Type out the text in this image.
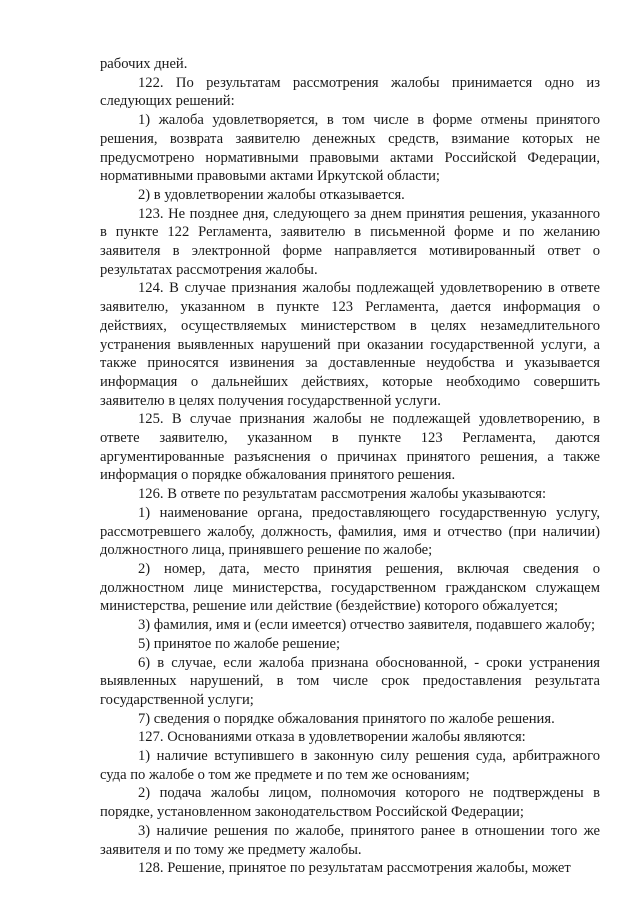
рабочих дней.

122. По результатам рассмотрения жалобы принимается одно из следующих решений:

1) жалоба удовлетворяется, в том числе в форме отмены принятого решения, возврата заявителю денежных средств, взимание которых не предусмотрено нормативными правовыми актами Российской Федерации, нормативными правовыми актами Иркутской области;

2) в удовлетворении жалобы отказывается.

123. Не позднее дня, следующего за днем принятия решения, указанного в пункте 122 Регламента, заявителю в письменной форме и по желанию заявителя в электронной форме направляется мотивированный ответ о результатах рассмотрения жалобы.

124. В случае признания жалобы подлежащей удовлетворению в ответе заявителю, указанном в пункте 123 Регламента, дается информация о действиях, осуществляемых министерством в целях незамедлительного устранения выявленных нарушений при оказании государственной услуги, а также приносятся извинения за доставленные неудобства и указывается информация о дальнейших действиях, которые необходимо совершить заявителю в целях получения государственной услуги.

125. В случае признания жалобы не подлежащей удовлетворению, в ответе заявителю, указанном в пункте 123 Регламента, даются аргументированные разъяснения о причинах принятого решения, а также информация о порядке обжалования принятого решения.

126. В ответе по результатам рассмотрения жалобы указываются:

1) наименование органа, предоставляющего государственную услугу, рассмотревшего жалобу, должность, фамилия, имя и отчество (при наличии) должностного лица, принявшего решение по жалобе;

2) номер, дата, место принятия решения, включая сведения о должностном лице министерства, государственном гражданском служащем министерства, решение или действие (бездействие) которого обжалуется;

3) фамилия, имя и (если имеется) отчество заявителя, подавшего жалобу;

5) принятое по жалобе решение;

6) в случае, если жалоба признана обоснованной, - сроки устранения выявленных нарушений, в том числе срок предоставления результата государственной услуги;

7) сведения о порядке обжалования принятого по жалобе решения.

127. Основаниями отказа в удовлетворении жалобы являются:

1) наличие вступившего в законную силу решения суда, арбитражного суда по жалобе о том же предмете и по тем же основаниям;

2) подача жалобы лицом, полномочия которого не подтверждены в порядке, установленном законодательством Российской Федерации;

3) наличие решения по жалобе, принятого ранее в отношении того же заявителя и по тому же предмету жалобы.

128. Решение, принятое по результатам рассмотрения жалобы, может
